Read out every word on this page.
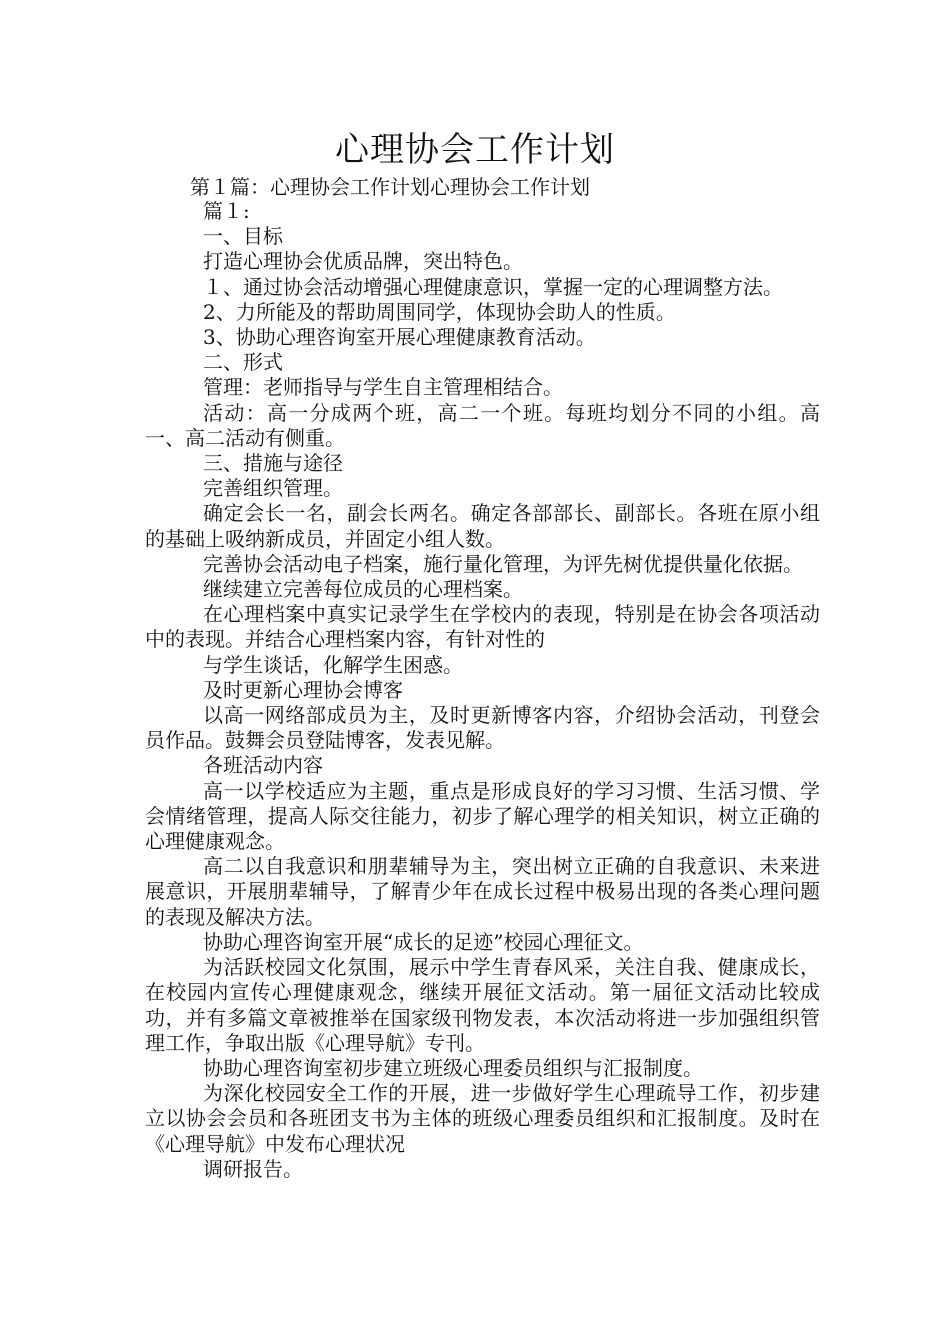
心理协会工作计划
第１篇：心理协会工作计划心理协会工作计划

篇１:

一、目标

打造心理协会优质品牌，突出特色。

１、通过协会活动增强心理健康意识，掌握一定的心理调整方法。

2、力所能及的帮助周围同学，体现协会助人的性质。

3、协助心理咨询室开展心理健康教育活动。

二、形式

管理：老师指导与学生自主管理相结合。

活动：高一分成两个班，高二一个班。每班均划分不同的小组。高一、高二活动有侧重。

三、措施与途径

完善组织管理。

确定会长一名，副会长两名。确定各部部长、副部长。各班在原小组的基础上吸纳新成员，并固定小组人数。

完善协会活动电子档案，施行量化管理，为评先树优提供量化依据。

继续建立完善每位成员的心理档案。

在心理档案中真实记录学生在学校内的表现，特别是在协会各项活动中的表现。并结合心理档案内容，有针对性的

与学生谈话，化解学生困惑。

及时更新心理协会博客

以高一网络部成员为主，及时更新博客内容，介绍协会活动，刊登会员作品。鼓舞会员登陆博客，发表见解。

各班活动内容

高一以学校适应为主题，重点是形成良好的学习习惯、生活习惯、学会情绪管理，提高人际交往能力，初步了解心理学的相关知识，树立正确的心理健康观念。

高二以自我意识和朋辈辅导为主，突出树立正确的自我意识、未来进展意识，开展朋辈辅导，了解青少年在成长过程中极易出现的各类心理问题的表现及解决方法。

协助心理咨询室开展“成长的足迹”校园心理征文。

为活跃校园文化氛围，展示中学生青春风采，关注自我、健康成长，在校园内宣传心理健康观念，继续开展征文活动。第一届征文活动比较成功，并有多篇文章被推举在国家级刊物发表，本次活动将进一步加强组织管理工作，争取出版《心理导航》专刊。

协助心理咨询室初步建立班级心理委员组织与汇报制度。

为深化校园安全工作的开展，进一步做好学生心理疏导工作，初步建立以协会会员和各班团支书为主体的班级心理委员组织和汇报制度。及时在《心理导航》中发布心理状况

调研报告。
